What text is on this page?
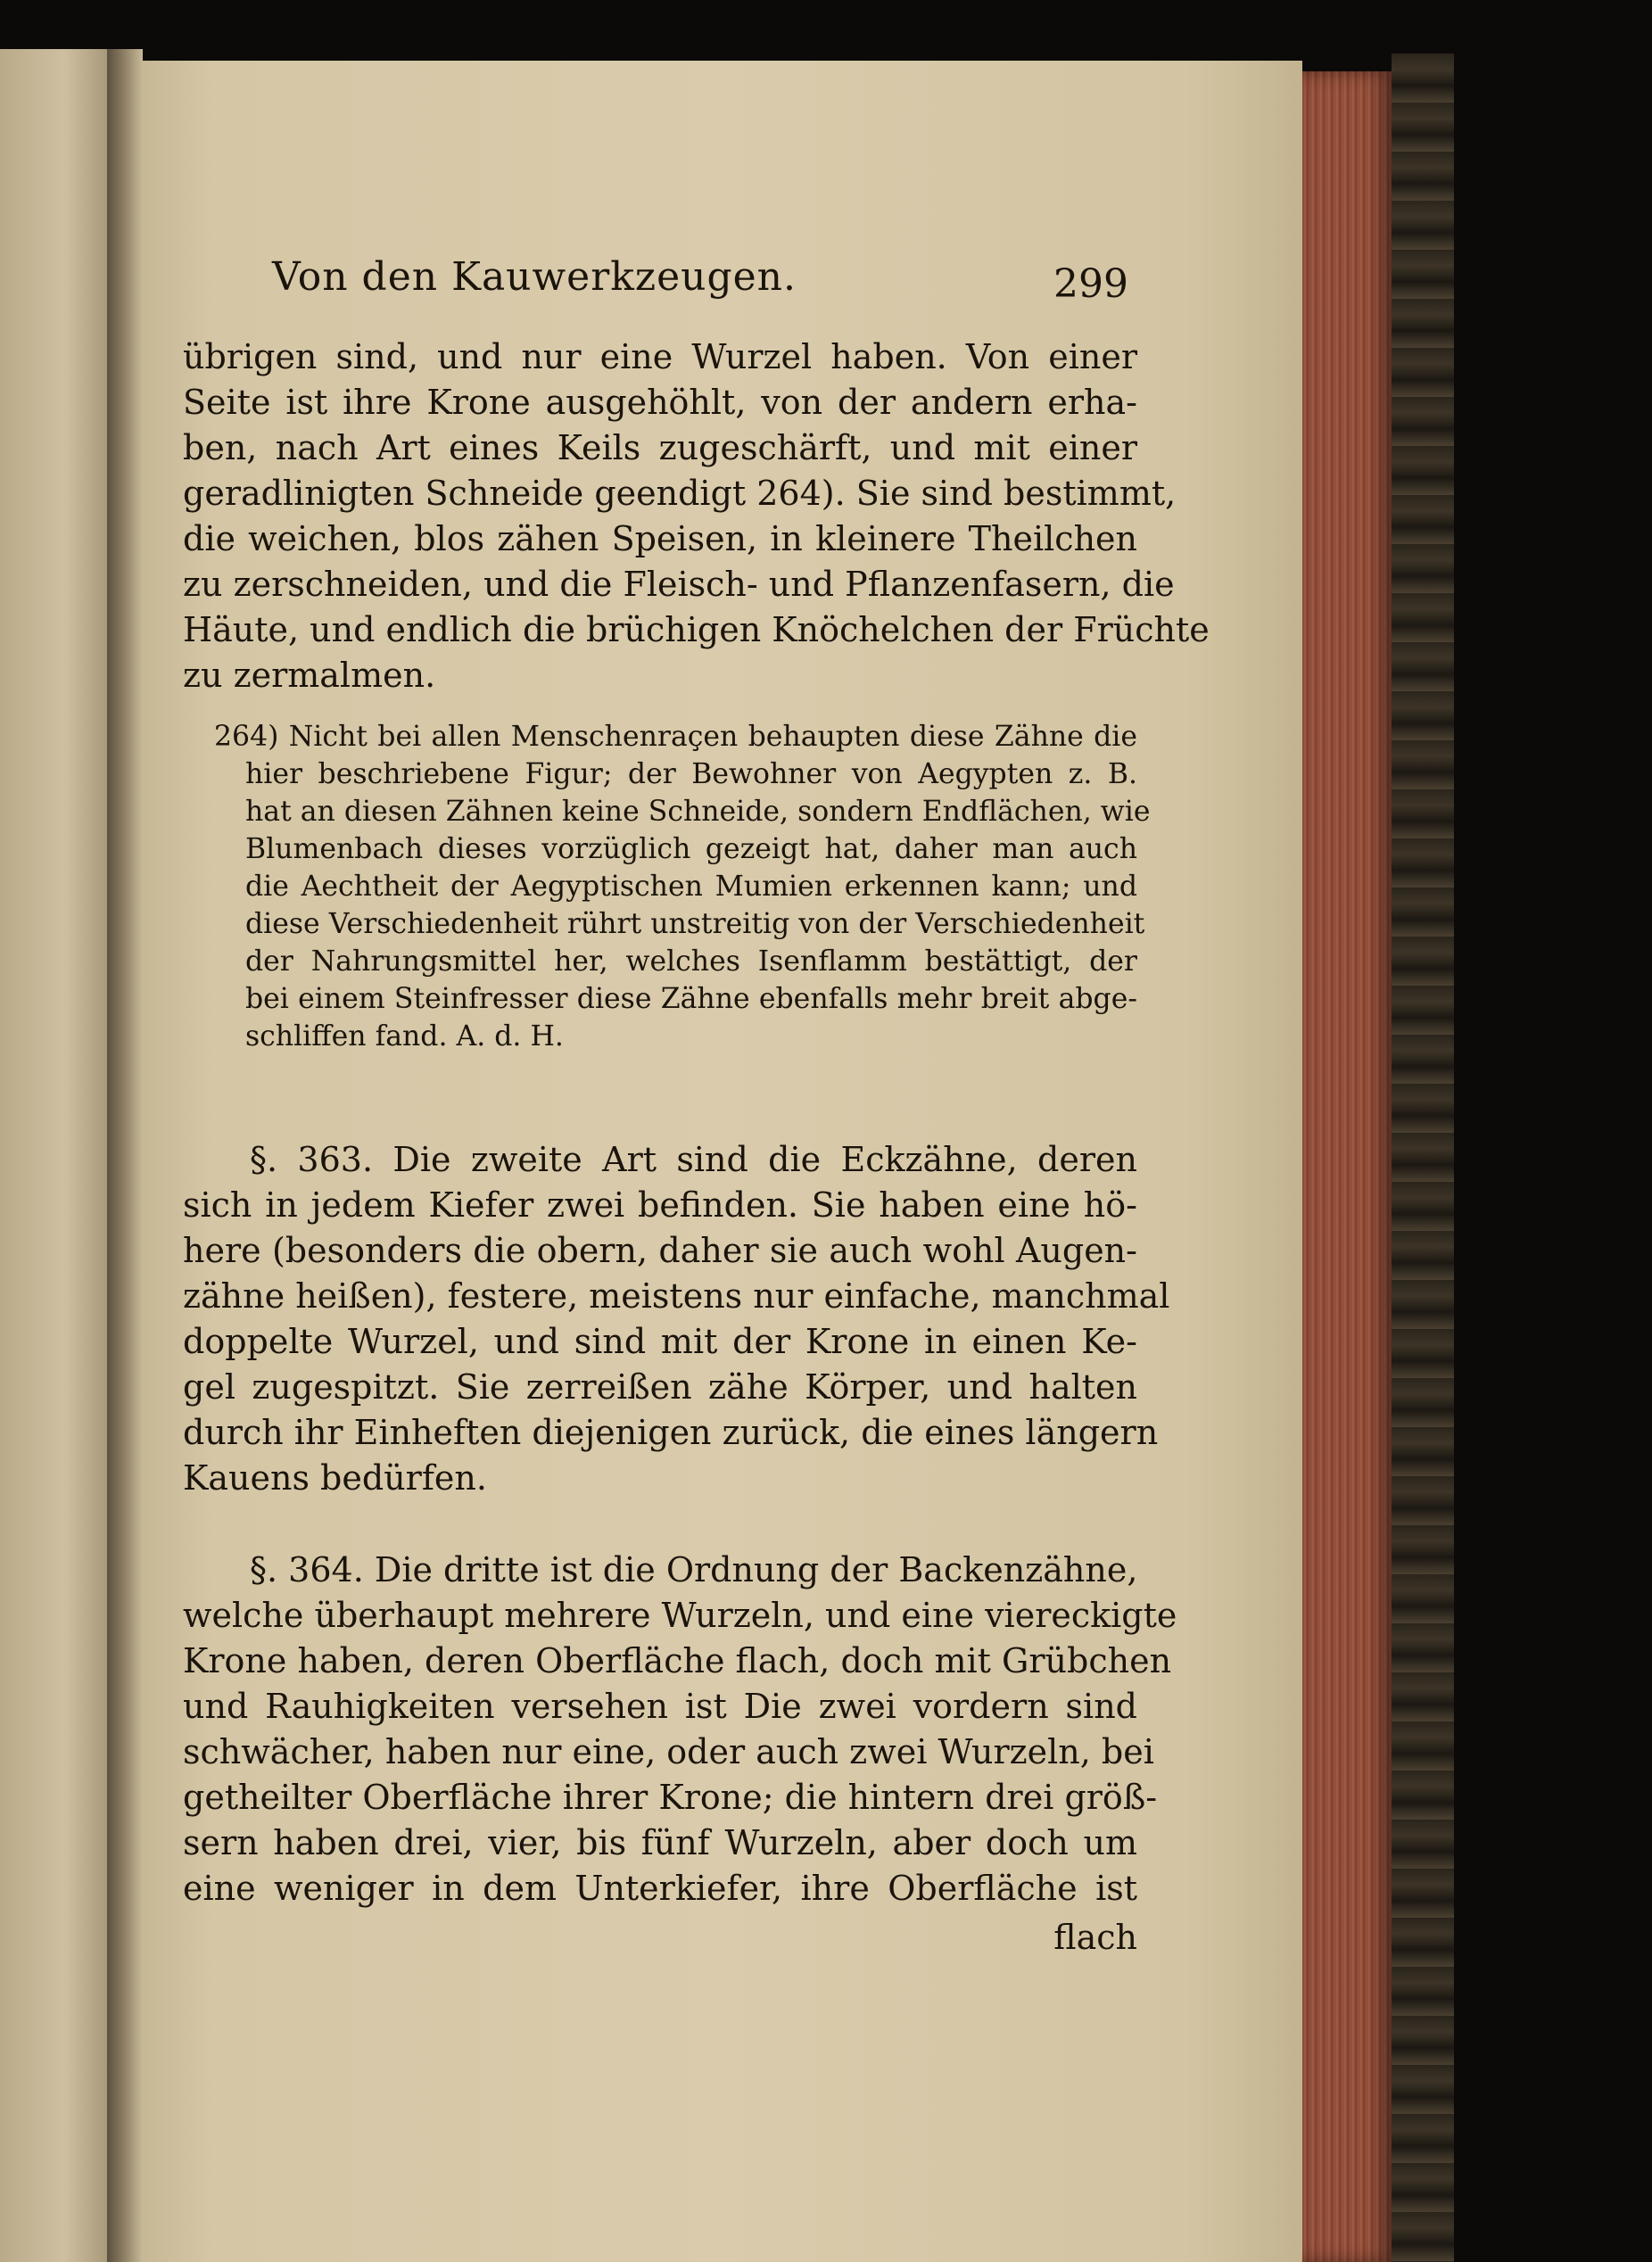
Von den Kauwerkzeugen.	299
übrigen sind, und nur eine Wurzel haben. Von einer
Seite ist ihre Krone ausgehöhlt, von der andern erha-
ben, nach Art eines Keils zugeschärft, und mit einer
geradlinigten Schneide geendigt 264). Sie sind bestimmt,
die weichen, blos zähen Speisen, in kleinere Theilchen
zu zerschneiden, und die Fleisch- und Pflanzenfasern, die
Häute, und endlich die brüchigen Knöchelchen der Früchte
zu zermalmen.
264) Nicht bei allen Menschenraçen behaupten diese Zähne die
hier beschriebene Figur; der Bewohner von Aegypten z. B.
hat an diesen Zähnen keine Schneide, sondern Endflächen, wie
Blumenbach dieses vorzüglich gezeigt hat, daher man auch
die Aechtheit der Aegyptischen Mumien erkennen kann; und
diese Verschiedenheit rührt unstreitig von der Verschiedenheit
der Nahrungsmittel her, welches Isenflamm bestättigt, der
bei einem Steinfresser diese Zähne ebenfalls mehr breit abge-
schliffen fand. A. d. H.
§. 363. Die zweite Art sind die Eckzähne, deren
sich in jedem Kiefer zwei befinden. Sie haben eine hö-
here (besonders die obern, daher sie auch wohl Augen-
zähne heißen), festere, meistens nur einfache, manchmal
doppelte Wurzel, und sind mit der Krone in einen Ke-
gel zugespitzt. Sie zerreißen zähe Körper, und halten
durch ihr Einheften diejenigen zurück, die eines längern
Kauens bedürfen.
§. 364. Die dritte ist die Ordnung der Backenzähne,
welche überhaupt mehrere Wurzeln, und eine viereckigte
Krone haben, deren Oberfläche flach, doch mit Grübchen
und Rauhigkeiten versehen ist Die zwei vordern sind
schwächer, haben nur eine, oder auch zwei Wurzeln, bei
getheilter Oberfläche ihrer Krone; die hintern drei größ-
sern haben drei, vier, bis fünf Wurzeln, aber doch um
eine weniger in dem Unterkiefer, ihre Oberfläche ist
flach
